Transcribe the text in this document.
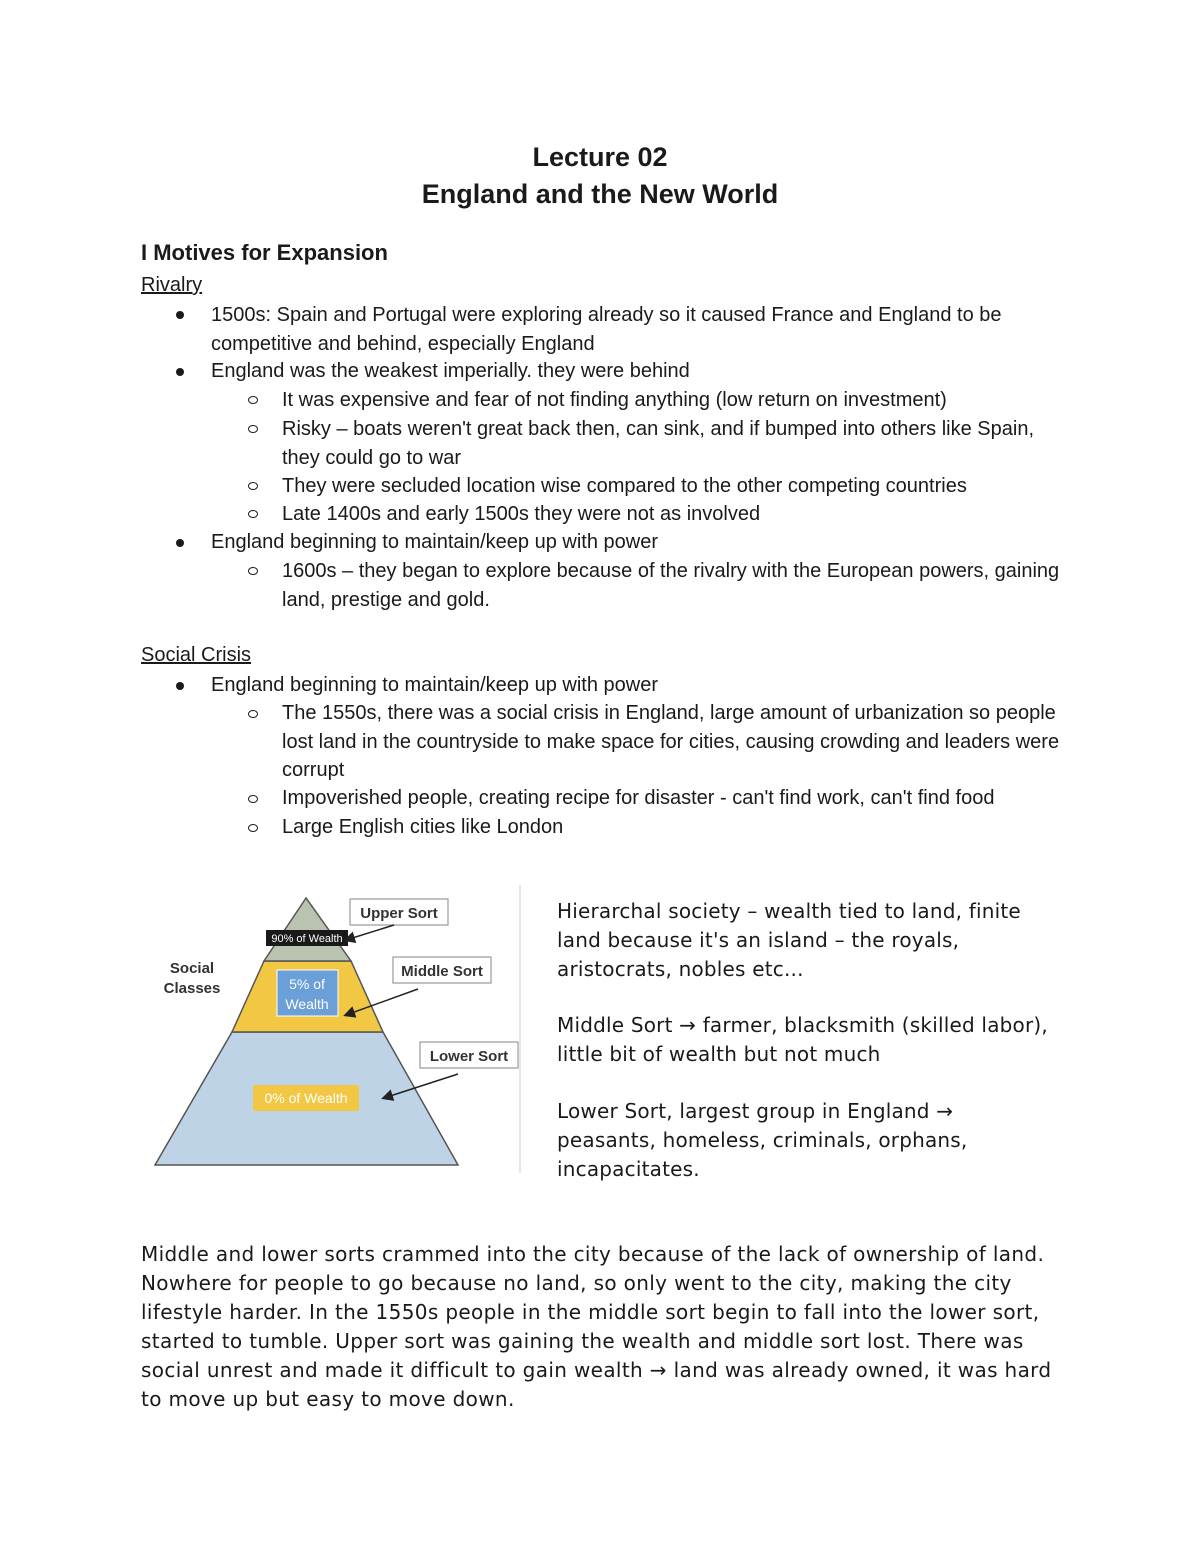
Lecture 02
England and the New World
I Motives for Expansion
Rivalry
1500s: Spain and Portugal were exploring already so it caused France and England to be competitive and behind, especially England
England was the weakest imperially. they were behind
It was expensive and fear of not finding anything (low return on investment)
Risky – boats weren't great back then, can sink, and if bumped into others like Spain, they could go to war
They were secluded location wise compared to the other competing countries
Late 1400s and early 1500s they were not as involved
England beginning to maintain/keep up with power
1600s – they began to explore because of the rivalry with the European powers, gaining land, prestige and gold.
Social Crisis
England beginning to maintain/keep up with power
The 1550s, there was a social crisis in England, large amount of urbanization so people lost land in the countryside to make space for cities, causing crowding and leaders were corrupt
Impoverished people, creating recipe for disaster - can't find work, can't find food
Large English cities like London
90% of Wealth
5% of
Wealth
0% of Wealth
Social
Classes
Upper Sort
Middle Sort
Lower Sort
Hierarchal society – wealth tied to land, finite land because it's an island – the royals, aristocrats, nobles etc...
Middle Sort → farmer, blacksmith (skilled labor), little bit of wealth but not much
Lower Sort, largest group in England → peasants, homeless, criminals, orphans, incapacitates.
Middle and lower sorts crammed into the city because of the lack of ownership of land. Nowhere for people to go because no land, so only went to the city, making the city lifestyle harder. In the 1550s people in the middle sort begin to fall into the lower sort, started to tumble. Upper sort was gaining the wealth and middle sort lost. There was social unrest and made it difficult to gain wealth → land was already owned, it was hard to move up but easy to move down.
